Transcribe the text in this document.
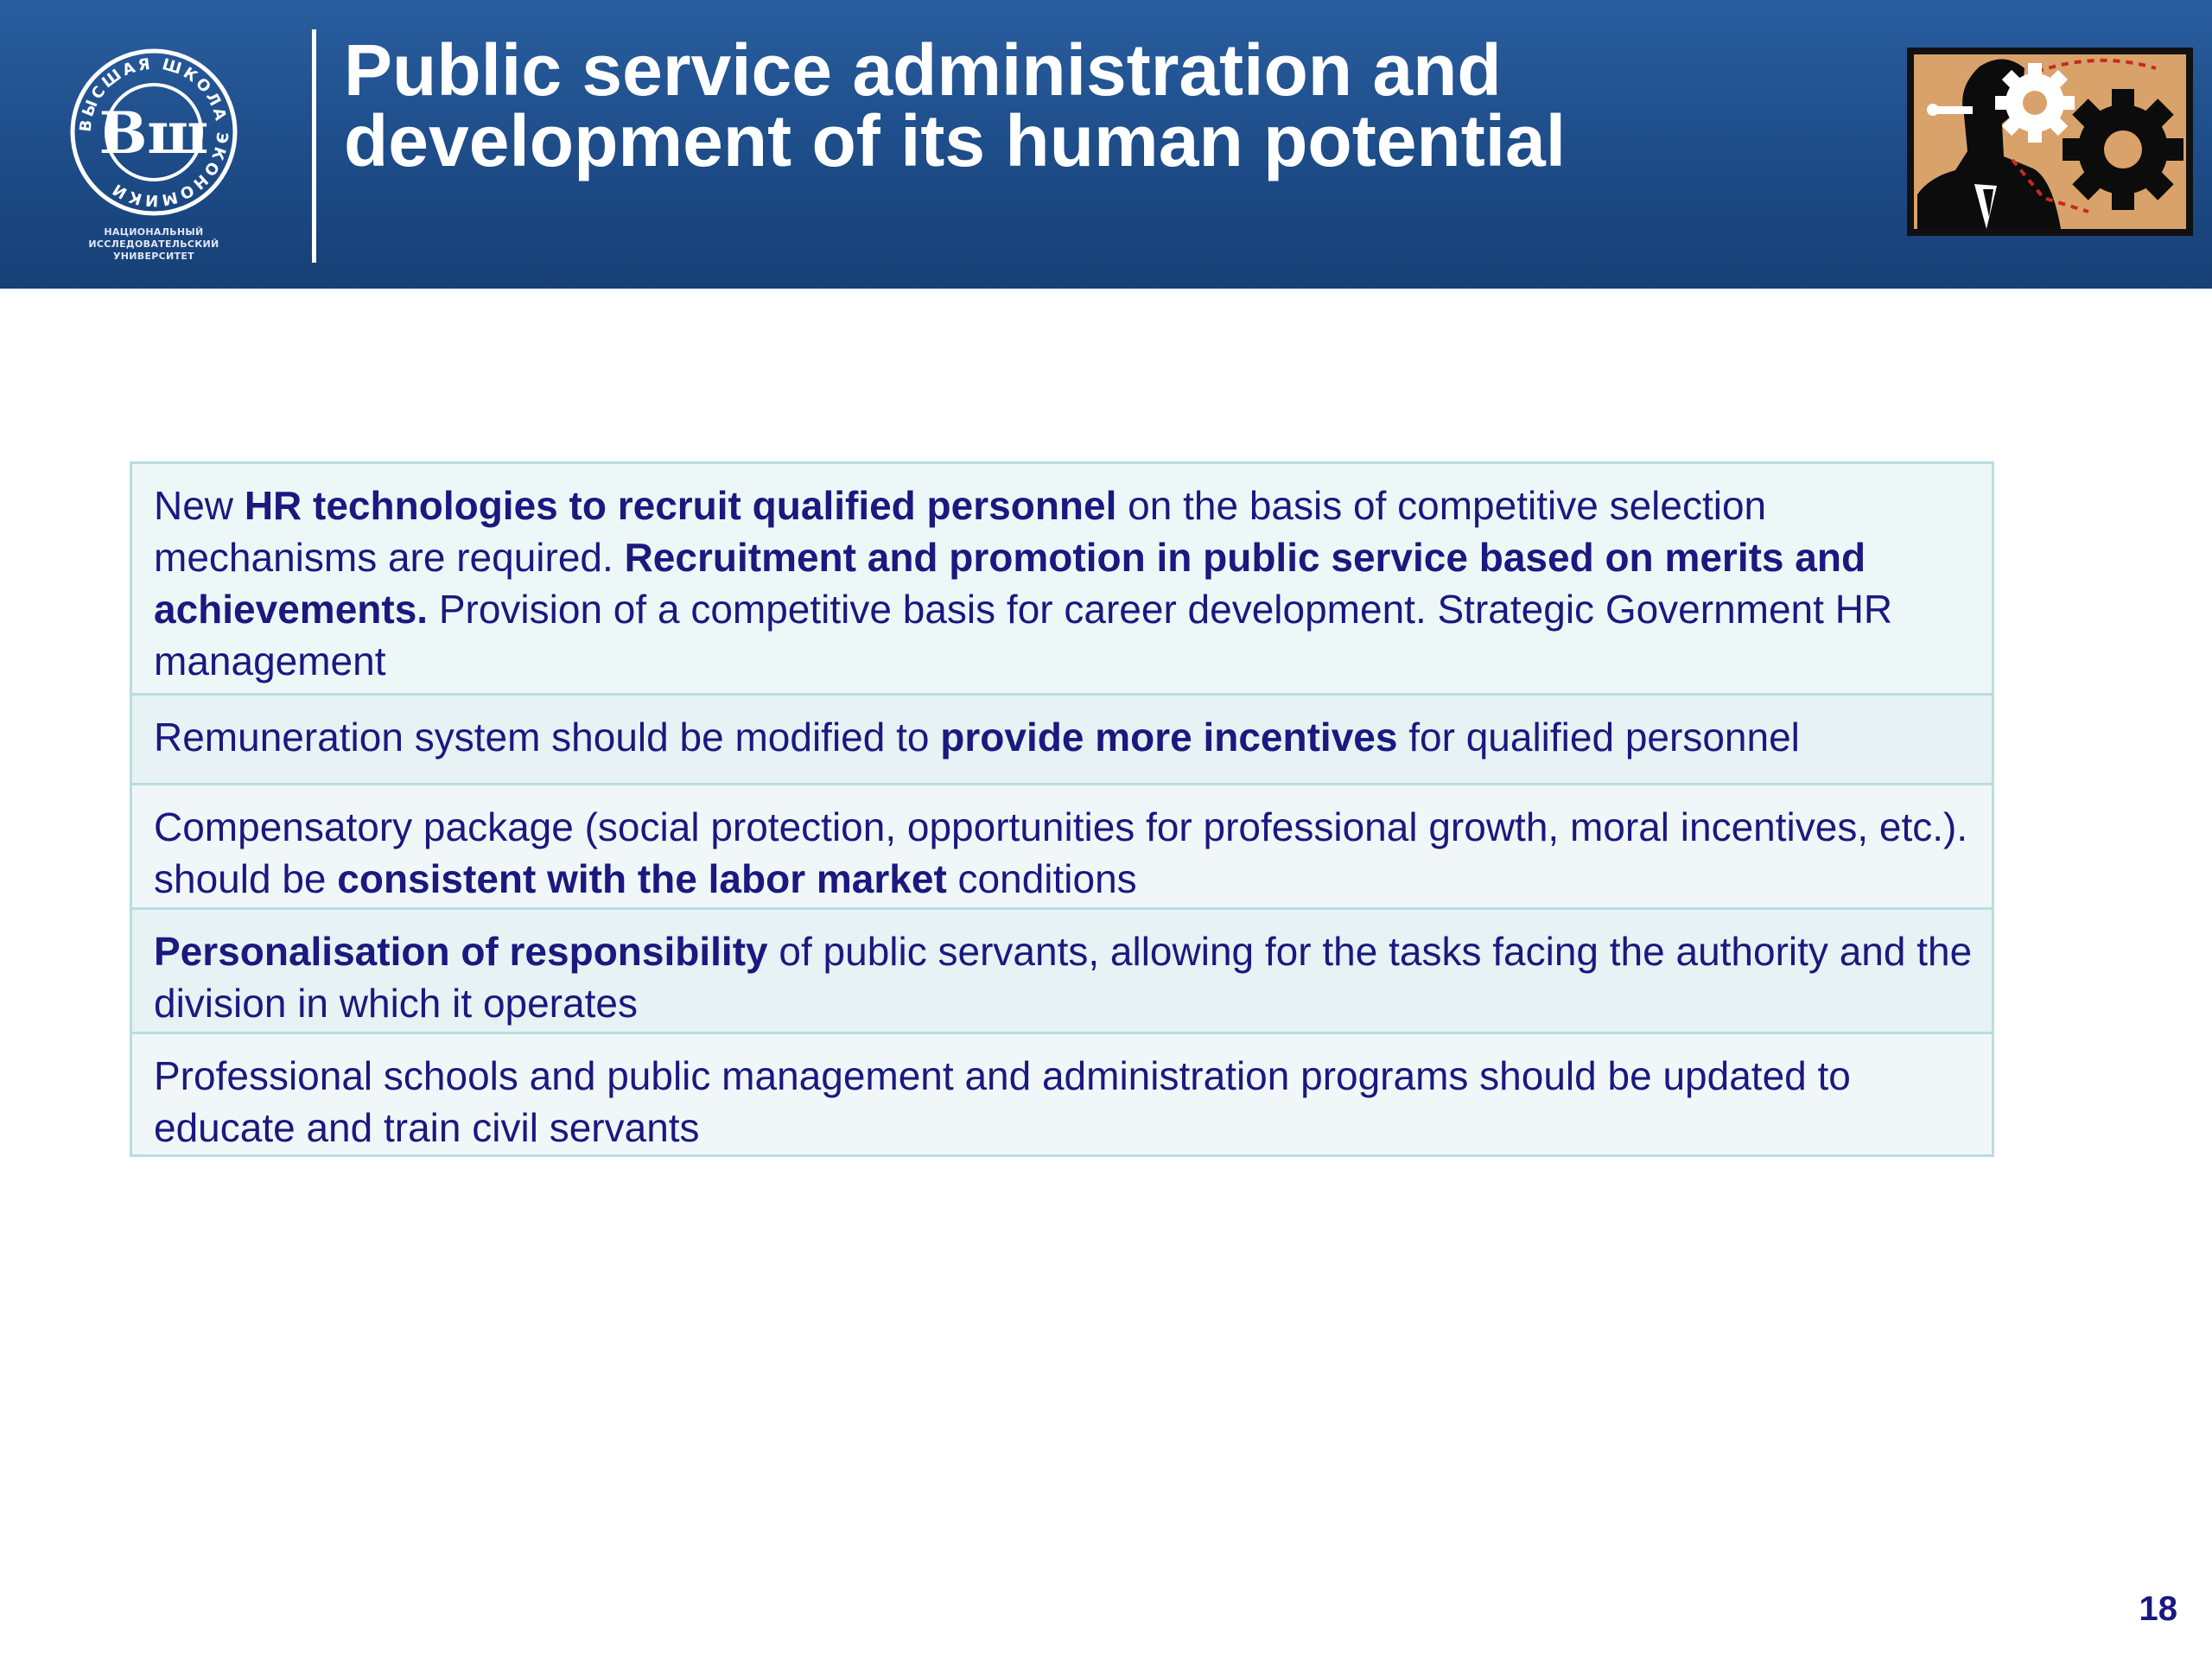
ВЫСШАЯ ШКОЛА ЭКОНОМИКИ
Вш
НАЦИОНАЛЬНЫЙ ИССЛЕДОВАТЕЛЬСКИЙ
УНИВЕРСИТЕТ
Public service administration and
development of its human potential
New HR technologies to recruit qualified personnel on the basis of competitive selection mechanisms are required. Recruitment and promotion in public service based on merits and achievements. Provision of a competitive basis for career development. Strategic Government HR management
Remuneration system should be modified to provide more incentives for qualified personnel
Compensatory package (social protection, opportunities for professional growth, moral incentives, etc.). should be consistent with the labor market conditions
Personalisation of responsibility of public servants, allowing for the tasks facing the authority and the division in which it operates
Professional schools and public management and administration programs should be updated to educate and train civil servants
18
